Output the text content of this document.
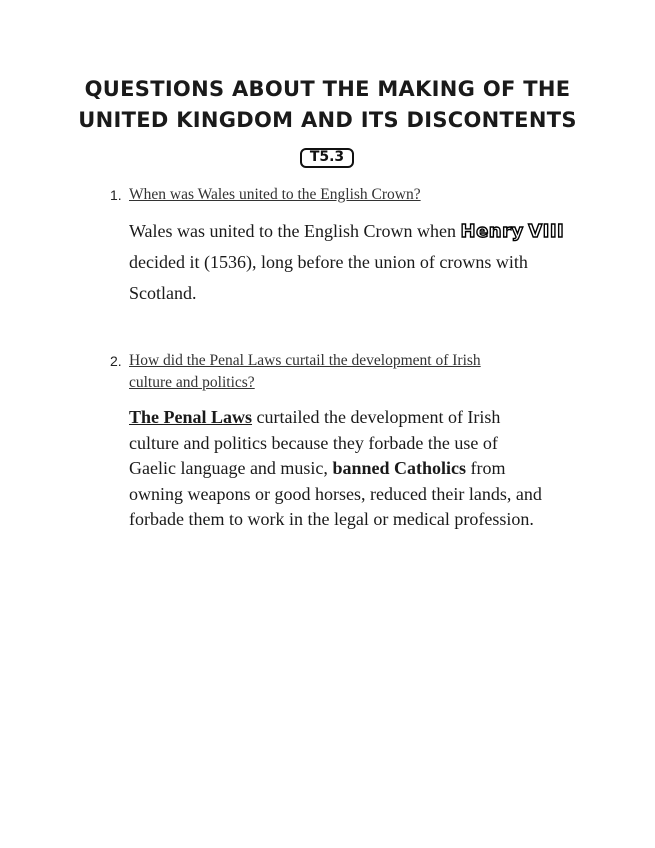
QUESTIONS ABOUT THE MAKING OF THE
UNITED KINGDOM AND ITS DISCONTENTS
T5.3
1. When was Wales united to the English Crown?
Wales was united to the English Crown when Henry VIII decided it (1536), long before the union of crowns with Scotland.
2. How did the Penal Laws curtail the development of Irish
culture and politics?
The Penal Laws curtailed the development of Irish culture and politics because they forbade the use of Gaelic language and music, banned Catholics from owning weapons or good horses, reduced their lands, and forbade them to work in the legal or medical profession.
